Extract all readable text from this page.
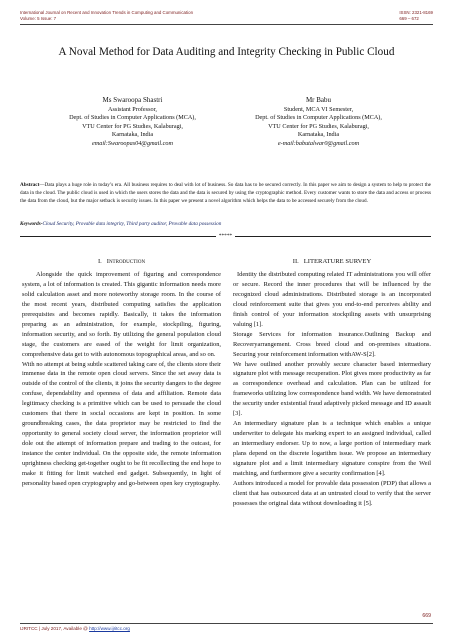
International Journal on Recent and Innovation Trends in Computing and Communication
Volume: 5 Issue: 7
ISSN: 2321-8169
669 – 672
A Noval Method for Data Auditing and Integrity Checking in Public Cloud
Ms Swaroopa Shastri
Assistant Professor,
Dept. of Studies in Computer Applications (MCA),
VTU Center for PG Studies, Kalaburagi,
Karnataka, India
email:Swaroopas04@gmail.com
Mr Babu
Student, MCA VI Semester,
Dept. of Studies in Computer Applications (MCA),
VTU Center for PG Studies, Kalaburagi,
Karnataka, India
e-mail:babutalwar0@gmail.com
Abstract—Data plays a huge role in today’s era. All business requires to deal with lot of business. So data has to be secured correctly. In this paper we aim to design a system to help to protect the data in the cloud. The public cloud is used in which the users stores the data and the data is secured by using the cryptographic method. Every customer wants to store the data and access or process the data from the cloud, but the major setback is security issues. In this paper we present a novel algorithm which helps the data to be accessed securely from the cloud.
Keywords-Cloud Security, Provable data integrity, Third party auditor, Provable data possession
*****
I. Introduction

Alongside the quick improvement of figuring and correspondence system, a lot of information is created. This gigantic information needs more solid calculation asset and more noteworthy storage room. In the course of the most recent years, distributed computing satisfies the application prerequisites and becomes rapidly. Basically, it takes the information preparing as an administration, for example, stockpiling, figuring, information security, and so forth. By utilizing the general population cloud stage, the customers are eased of the weight for limit organization, comprehensive data get to with autonomous topographical areas, and so on.

With no attempt at being subtle scattered taking care of, the clients store their immense data in the remote open cloud servers. Since the set away data is outside of the control of the clients, it joins the security dangers to the degree confuse, dependability and openness of data and affiliation. Remote data legitimacy checking is a primitive which can be used to persuade the cloud customers that there in social occasions are kept in position. In some groundbreaking cases, the data proprietor may be restricted to find the opportunity to general society cloud server, the information proprietor will dole out the attempt of information prepare and trading to the outcast, for instance the center individual. On the opposite side, the remote information uprightness checking get-together ought to be fit recollecting the end hope to make it fitting for limit watched end gadget. Subsequently, in light of personality based open cryptography and go-between open key cryptography.

II. LITERATURE SURVEY

Identity the distributed computing related IT administrations you will offer or secure. Record the inner procedures that will be influenced by the recognized cloud administrations. Distributed storage is an incorporated cloud reinforcement suite that gives you end-to-end perceives ability and finish control of your information stockpiling assets with unsurprising valuing [1].

Storage Services for information insurance.Outlining Backup and Recoveryarrangement. Cross breed cloud and on-premises situations. Securing your reinforcement information withAW-S[2].

We have outlined another provably secure character based intermediary signature plot with message recuperation. Plot gives more productivity as far as correspondence overhead and calculation. Plan can be utilized for frameworks utilizing low correspondence band width. We have demonstrated the security under existential fraud adaptively picked message and ID assault [3].

An intermediary signature plan is a technique which enables a unique underwriter to delegate his marking expert to an assigned individual, called an intermediary endorser. Up to now, a large portion of intermediary mark plans depend on the discrete logarithm issue. We propose an intermediary signature plot and a limit intermediary signature conspire from the Weil matching, and furthermore give a security confirmation [4].

Authors introduced a model for provable data possession (PDP) that allows a client that has outsourced data at an untrusted cloud to verify that the server possesses the original data without downloading it [5].

669
IJRITCC | July 2017, Available @ http://www.ijritcc.org
